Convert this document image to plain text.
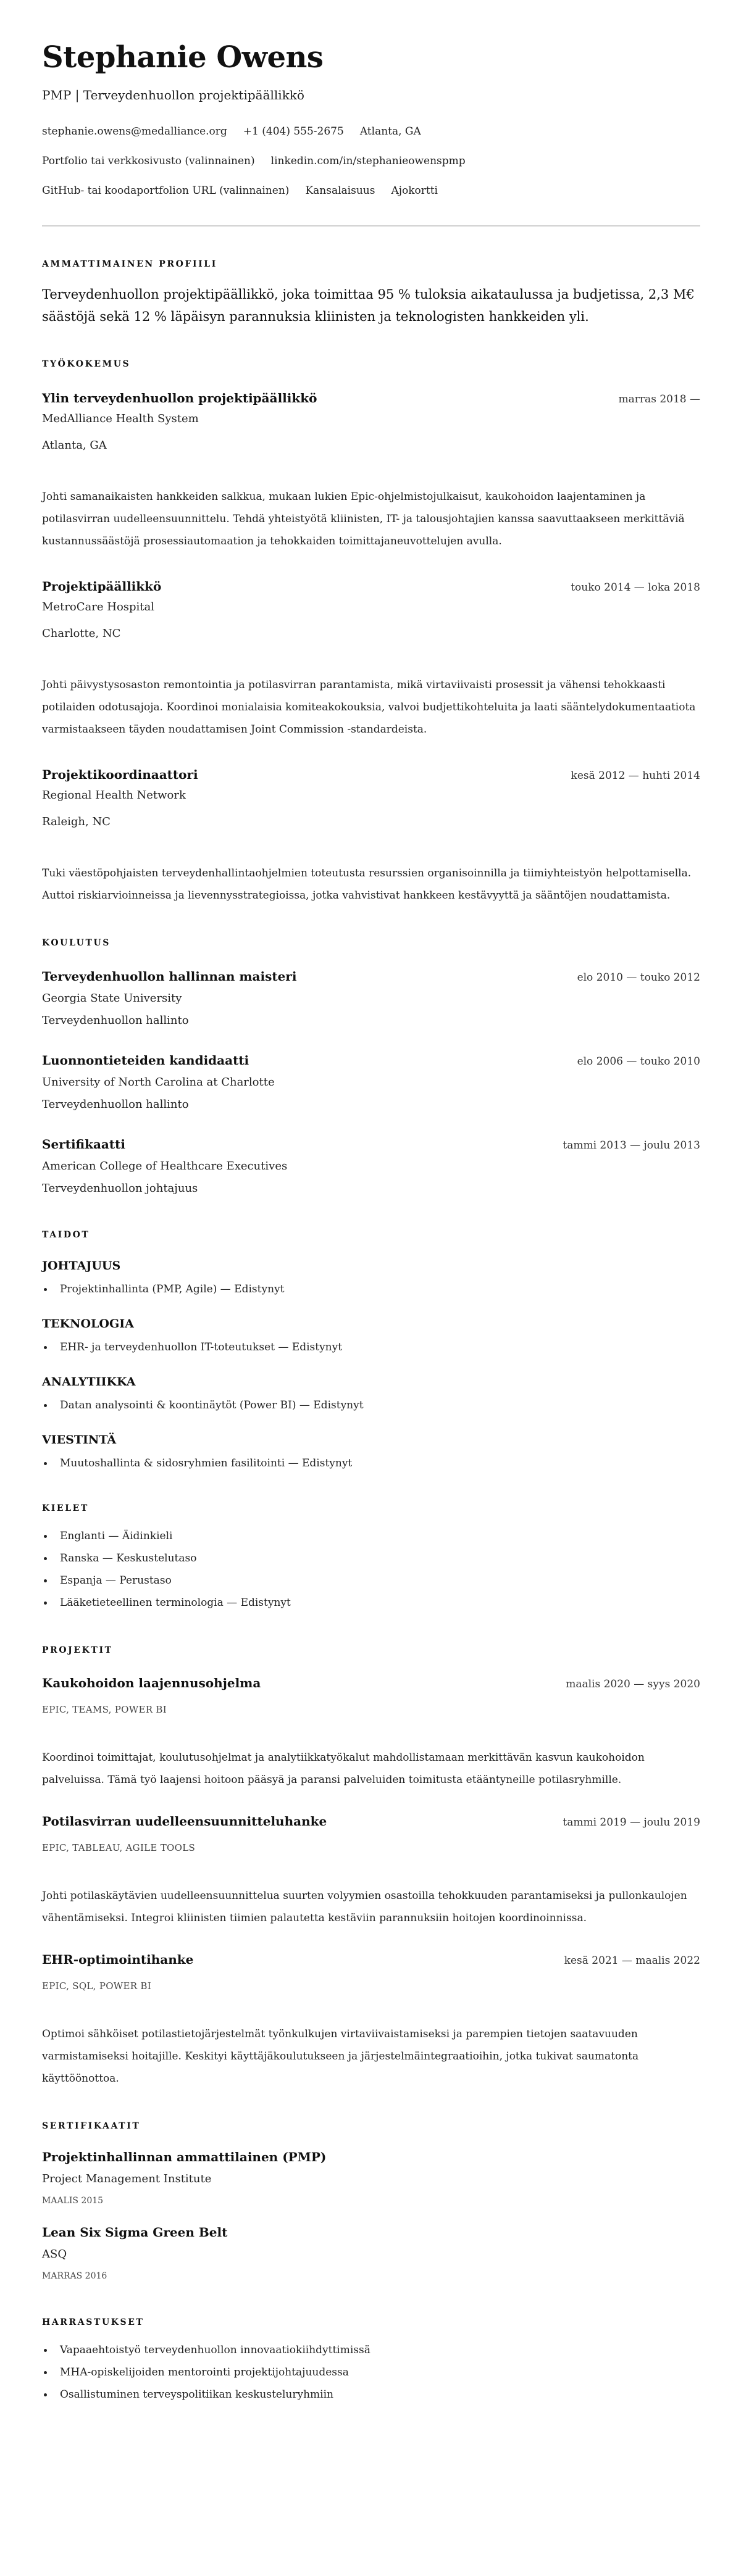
Stephanie Owens
PMP | Terveydenhuollon projektipäällikkö
stephanie.owens@medalliance.org +1 (404) 555-2675 Atlanta, GA
Portfolio tai verkkosivusto (valinnainen) linkedin.com/in/stephanieowenspmp
GitHub- tai koodaportfolion URL (valinnainen) Kansalaisuus Ajokortti
AMMATTIMAINEN PROFIILI

Terveydenhuollon projektipäällikkö, joka toimittaa 95 % tuloksia aikataulussa ja budjetissa, 2,3 M€ säästöjä sekä 12 % läpäisyn parannuksia kliinisten ja teknologisten hankkeiden yli.

TYÖKOKEMUS
Ylin terveydenhuollon projektipäällikkö	marras 2018 —
MedAlliance Health System
Atlanta, GA

Johti samanaikaisten hankkeiden salkkua, mukaan lukien Epic-ohjelmistojulkaisut, kaukohoidon laajentaminen ja potilasvirran uudelleensuunnittelu. Tehdä yhteistyötä kliinisten, IT- ja talousjohtajien kanssa saavuttaakseen merkittäviä kustannussäästöjä prosessiautomaation ja tehokkaiden toimittajaneuvottelujen avulla.

Projektipäällikkö	touko 2014 — loka 2018
MetroCare Hospital
Charlotte, NC

Johti päivystysosaston remontointia ja potilasvirran parantamista, mikä virtaviivaisti prosessit ja vähensi tehokkaasti potilaiden odotusajoja. Koordinoi monialaisia komiteakokouksia, valvoi budjettikohteluita ja laati sääntelydokumentaatiota varmistaakseen täyden noudattamisen Joint Commission -standardeista.

Projektikoordinaattori	kesä 2012 — huhti 2014
Regional Health Network
Raleigh, NC

Tuki väestöpohjaisten terveydenhallintaohjelmien toteutusta resurssien organisoinnilla ja tiimiyhteistyön helpottamisella. Auttoi riskiarvioinneissa ja lievennysstrategioissa, jotka vahvistivat hankkeen kestävyyttä ja sääntöjen noudattamista.

KOULUTUS
Terveydenhuollon hallinnan maisteri	elo 2010 — touko 2012
Georgia State University
Terveydenhuollon hallinto
Luonnontieteiden kandidaatti	elo 2006 — touko 2010
University of North Carolina at Charlotte
Terveydenhuollon hallinto
Sertifikaatti	tammi 2013 — joulu 2013
American College of Healthcare Executives
Terveydenhuollon johtajuus
TAIDOT
JOHTAJUUS
Projektinhallinta (PMP, Agile) — Edistynyt
TEKNOLOGIA
EHR- ja terveydenhuollon IT-toteutukset — Edistynyt
ANALYTIIKKA
Datan analysointi & koontinäytöt (Power BI) — Edistynyt
VIESTINTÄ
Muutoshallinta & sidosryhmien fasilitointi — Edistynyt
KIELET
Englanti — Äidinkieli
Ranska — Keskustelutaso
Espanja — Perustaso
Lääketieteellinen terminologia — Edistynyt
PROJEKTIT
Kaukohoidon laajennusohjelma	maalis 2020 — syys 2020
EPIC, TEAMS, POWER BI

Koordinoi toimittajat, koulutusohjelmat ja analytiikkatyökalut mahdollistamaan merkittävän kasvun kaukohoidon palveluissa. Tämä työ laajensi hoitoon pääsyä ja paransi palveluiden toimitusta etääntyneille potilasryhmille.

Potilasvirran uudelleensuunnitteluhanke	tammi 2019 — joulu 2019
EPIC, TABLEAU, AGILE TOOLS

Johti potilaskäytävien uudelleensuunnittelua suurten volyymien osastoilla tehokkuuden parantamiseksi ja pullonkaulojen vähentämiseksi. Integroi kliinisten tiimien palautetta kestäviin parannuksiin hoitojen koordinoinnissa.

EHR-optimointihanke	kesä 2021 — maalis 2022
EPIC, SQL, POWER BI

Optimoi sähköiset potilastietojärjestelmät työnkulkujen virtaviivaistamiseksi ja parempien tietojen saatavuuden varmistamiseksi hoitajille. Keskityi käyttäjäkoulutukseen ja järjestelmäintegraatioihin, jotka tukivat saumatonta käyttöönottoa.

SERTIFIKAATIT
Projektinhallinnan ammattilainen (PMP)
Project Management Institute
MAALIS 2015
Lean Six Sigma Green Belt
ASQ
MARRAS 2016
HARRASTUKSET
Vapaaehtoistyö terveydenhuollon innovaatiokiihdyttimissä
MHA-opiskelijoiden mentorointi projektijohtajuudessa
Osallistuminen terveyspolitiikan keskusteluryhmiin
